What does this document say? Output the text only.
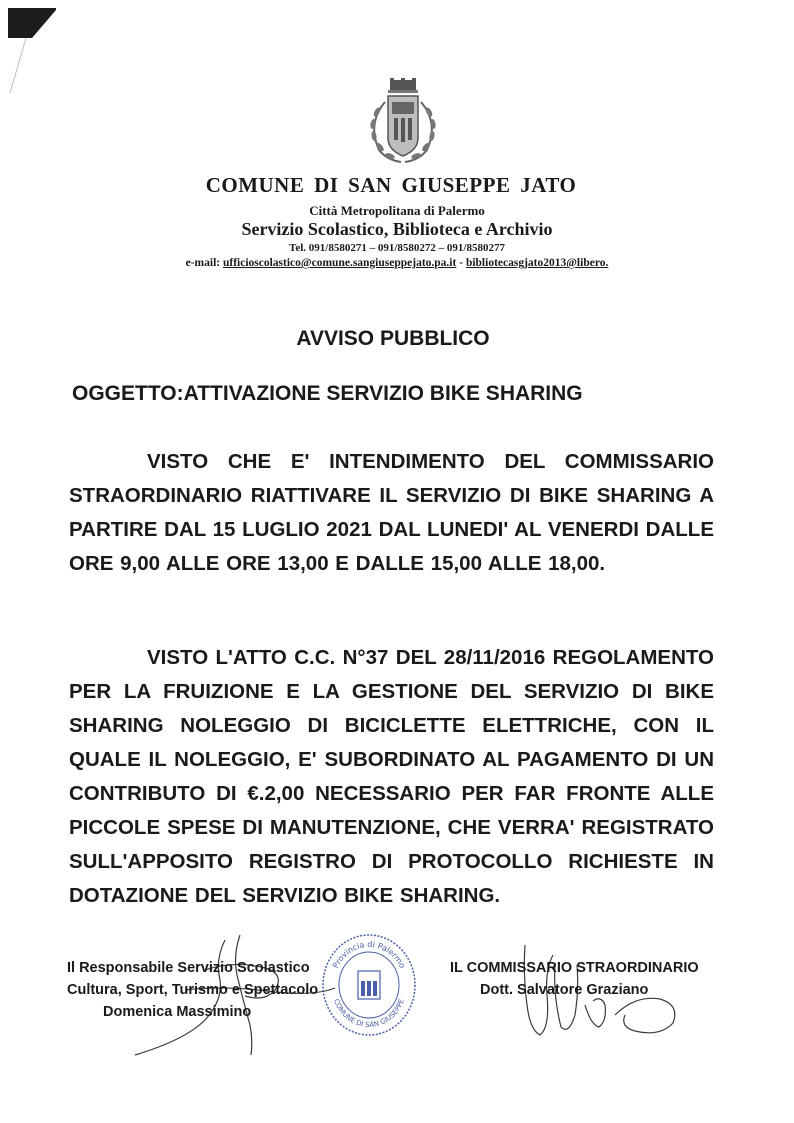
COMUNE DI SAN GIUSEPPE JATO
Città Metropolitana di Palermo
Servizio Scolastico, Biblioteca e Archivio
Tel. 091/8580271 – 091/8580272 – 091/8580277
e-mail: ufficioscolastico@comune.sangiuseppejato.pa.it - bibliotecasgjato2013@libero.
AVVISO PUBBLICO
OGGETTO:ATTIVAZIONE SERVIZIO BIKE SHARING
VISTO CHE E' INTENDIMENTO DEL COMMISSARIO STRAORDINARIO RIATTIVARE IL SERVIZIO DI BIKE SHARING A PARTIRE DAL 15 LUGLIO 2021 DAL LUNEDI' AL VENERDI DALLE ORE 9,00 ALLE ORE 13,00 E DALLE 15,00 ALLE 18,00.
VISTO L'ATTO C.C. N°37 DEL 28/11/2016 REGOLAMENTO PER LA FRUIZIONE E LA GESTIONE DEL SERVIZIO DI BIKE SHARING NOLEGGIO DI BICICLETTE ELETTRICHE, CON IL QUALE IL NOLEGGIO, E' SUBORDINATO AL PAGAMENTO DI UN CONTRIBUTO DI €.2,00 NECESSARIO PER FAR FRONTE ALLE PICCOLE SPESE DI MANUTENZIONE, CHE VERRA' REGISTRATO SULL'APPOSITO REGISTRO DI PROTOCOLLO RICHIESTE IN DOTAZIONE DEL SERVIZIO BIKE SHARING.
Provincia di Palermo
COMUNE DI SAN GIUSEPPE
Il Responsabile Servizio Scolastico
Cultura, Sport, Turismo e Spettacolo
Domenica Massimino
IL COMMISSARIO STRAORDINARIO
Dott. Salvatore Graziano
